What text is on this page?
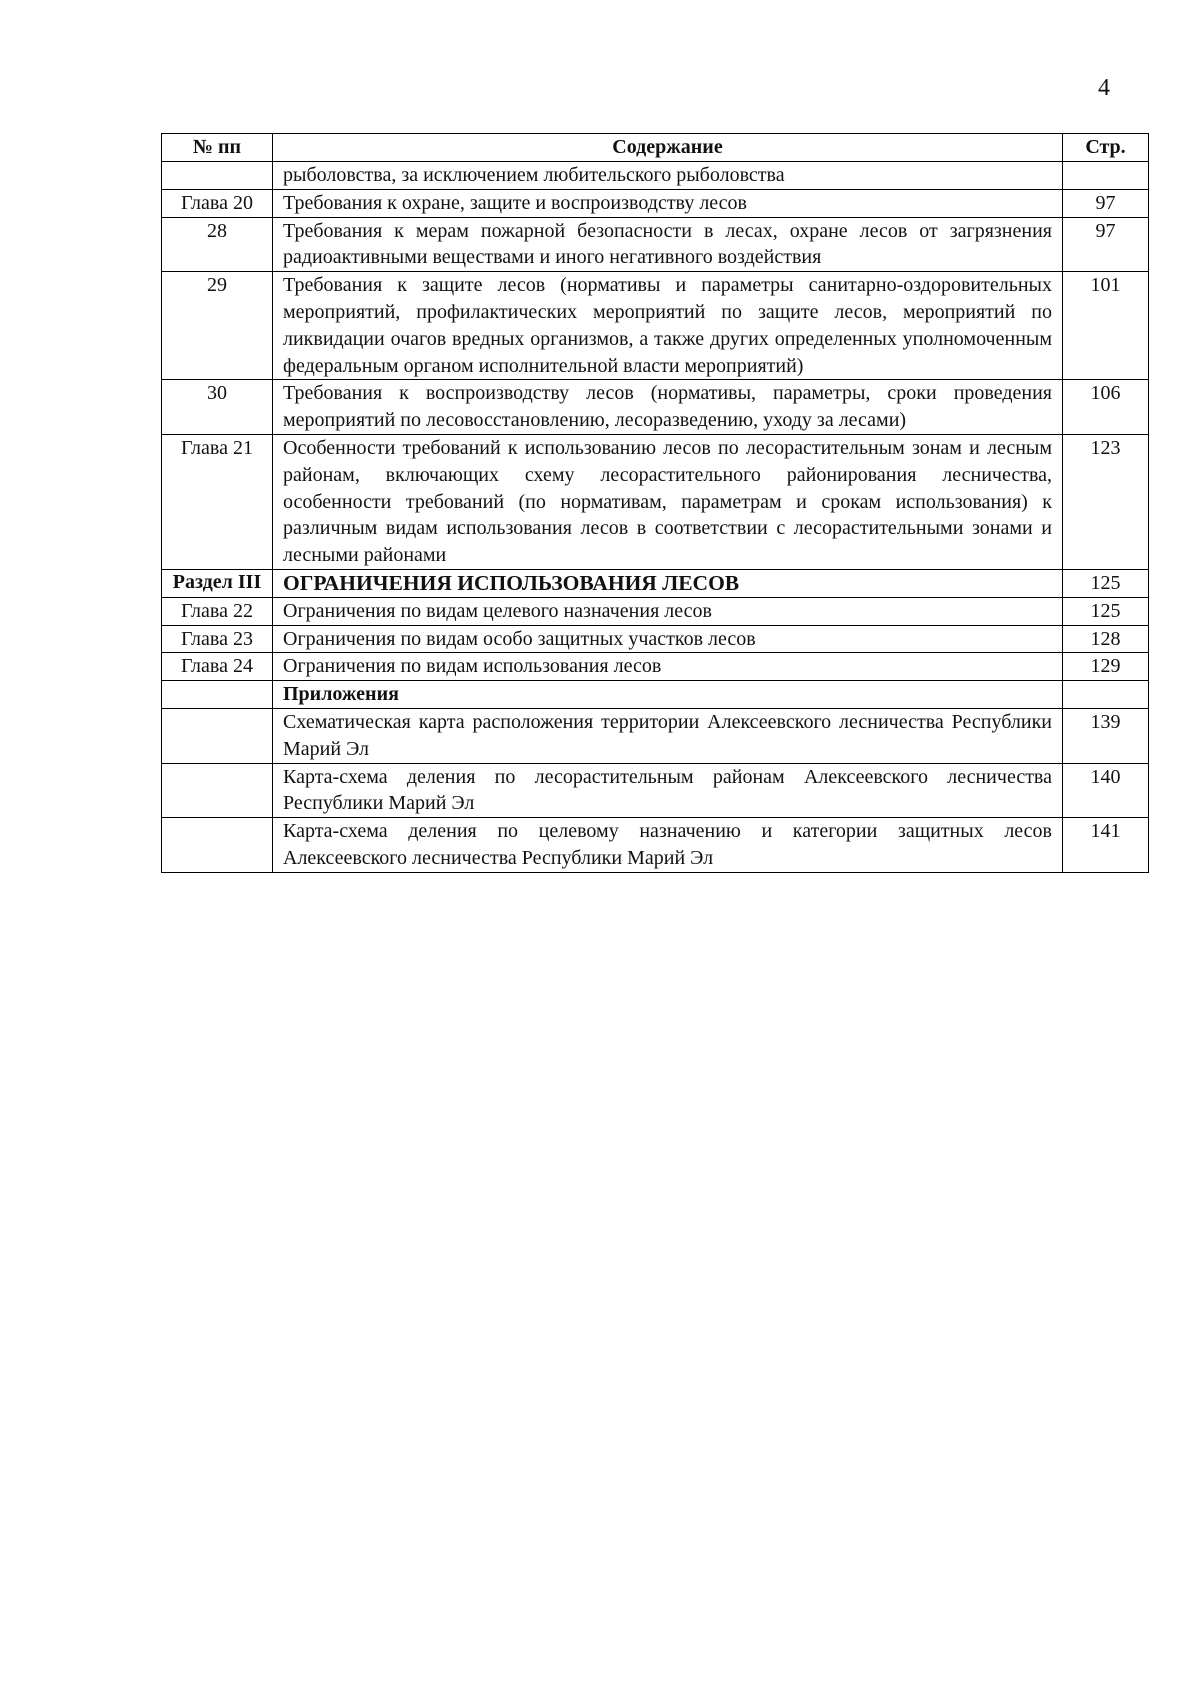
4
№ пп	Содержание	Стр.
	рыболовства, за исключением любительского рыболовства	
Глава 20	Требования к охране, защите и воспроизводству лесов	97
28	Требования к мерам пожарной безопасности в лесах, охране лесов от загрязнения радиоактивными веществами и иного негативного воздействия	97
29	Требования к защите лесов (нормативы и параметры санитарно-оздоровительных мероприятий, профилактических мероприятий по защите лесов, мероприятий по ликвидации очагов вредных организмов, а также других определенных уполномоченным федеральным органом исполнительной власти мероприятий)	101
30	Требования к воспроизводству лесов (нормативы, параметры, сроки проведения мероприятий по лесовосстановлению, лесоразведению, уходу за лесами)	106
Глава 21	Особенности требований к использованию лесов по лесорастительным зонам и лесным районам, включающих схему лесорастительного районирования лесничества, особенности требований (по нормативам, параметрам и срокам использования) к различным видам использования лесов в соответствии с лесорастительными зонами и лесными районами	123
Раздел III	ОГРАНИЧЕНИЯ ИСПОЛЬЗОВАНИЯ ЛЕСОВ	125
Глава 22	Ограничения по видам целевого назначения лесов	125
Глава 23	Ограничения по видам особо защитных участков лесов	128
Глава 24	Ограничения по видам использования лесов	129
	Приложения	
	Схематическая карта расположения территории Алексеевского лесничества Республики Марий Эл	139
	Карта-схема деления по лесорастительным районам Алексеевского лесничества Республики Марий Эл	140
	Карта-схема деления по целевому назначению и категории защитных лесов Алексеевского лесничества Республики Марий Эл	141
